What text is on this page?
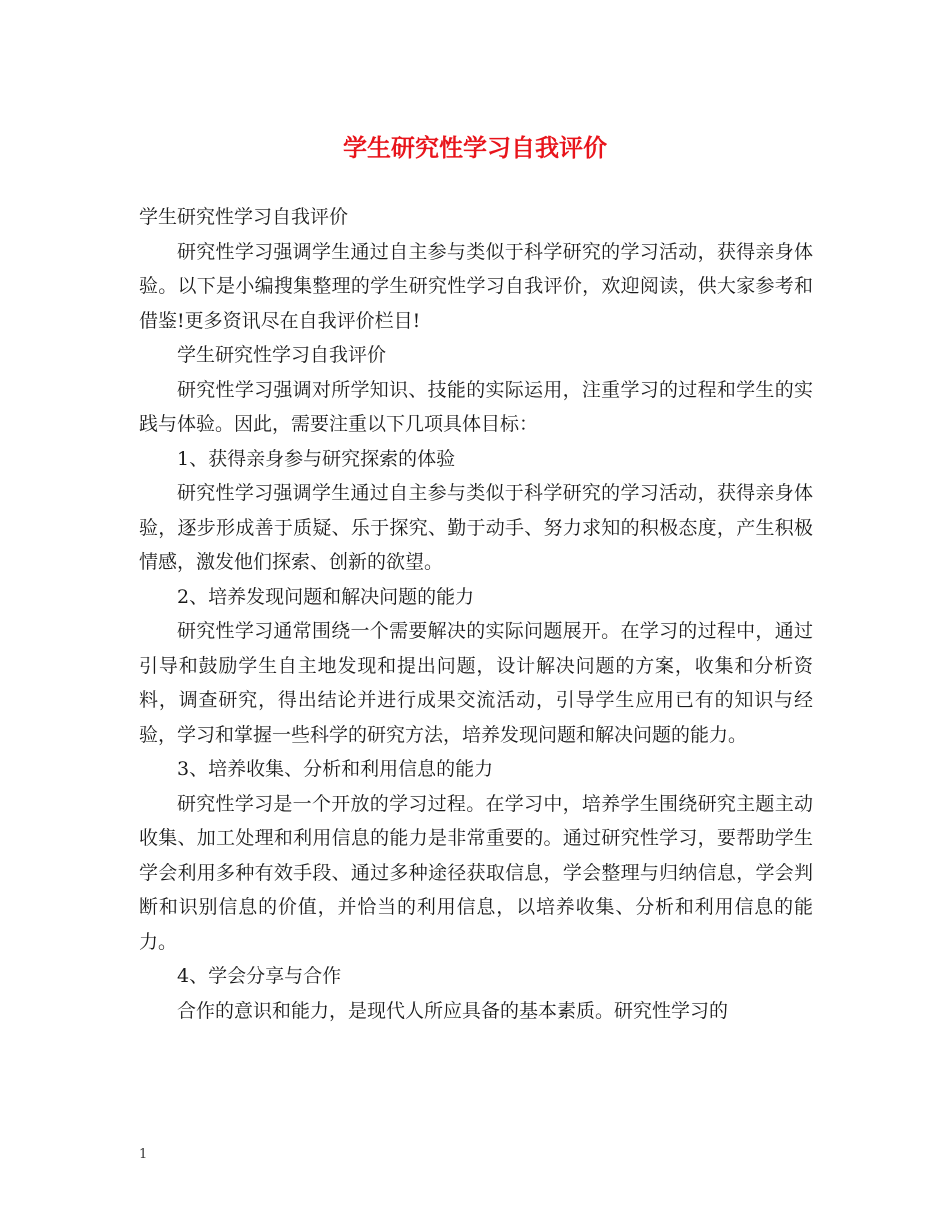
学生研究性学习自我评价

学生研究性学习自我评价

研究性学习强调学生通过自主参与类似于科学研究的学习活动，获得亲身体验。以下是小编搜集整理的学生研究性学习自我评价，欢迎阅读，供大家参考和借鉴!更多资讯尽在自我评价栏目!

学生研究性学习自我评价

研究性学习强调对所学知识、技能的实际运用，注重学习的过程和学生的实践与体验。因此，需要注重以下几项具体目标：

1、获得亲身参与研究探索的体验

研究性学习强调学生通过自主参与类似于科学研究的学习活动，获得亲身体验，逐步形成善于质疑、乐于探究、勤于动手、努力求知的积极态度，产生积极情感，激发他们探索、创新的欲望。

2、培养发现问题和解决问题的能力

研究性学习通常围绕一个需要解决的实际问题展开。在学习的过程中，通过引导和鼓励学生自主地发现和提出问题，设计解决问题的方案，收集和分析资料，调查研究，得出结论并进行成果交流活动，引导学生应用已有的知识与经验，学习和掌握一些科学的研究方法，培养发现问题和解决问题的能力。

3、培养收集、分析和利用信息的能力

研究性学习是一个开放的学习过程。在学习中，培养学生围绕研究主题主动收集、加工处理和利用信息的能力是非常重要的。通过研究性学习，要帮助学生学会利用多种有效手段、通过多种途径获取信息，学会整理与归纳信息，学会判断和识别信息的价值，并恰当的利用信息，以培养收集、分析和利用信息的能力。

4、学会分享与合作

合作的意识和能力，是现代人所应具备的基本素质。研究性学习的

1
